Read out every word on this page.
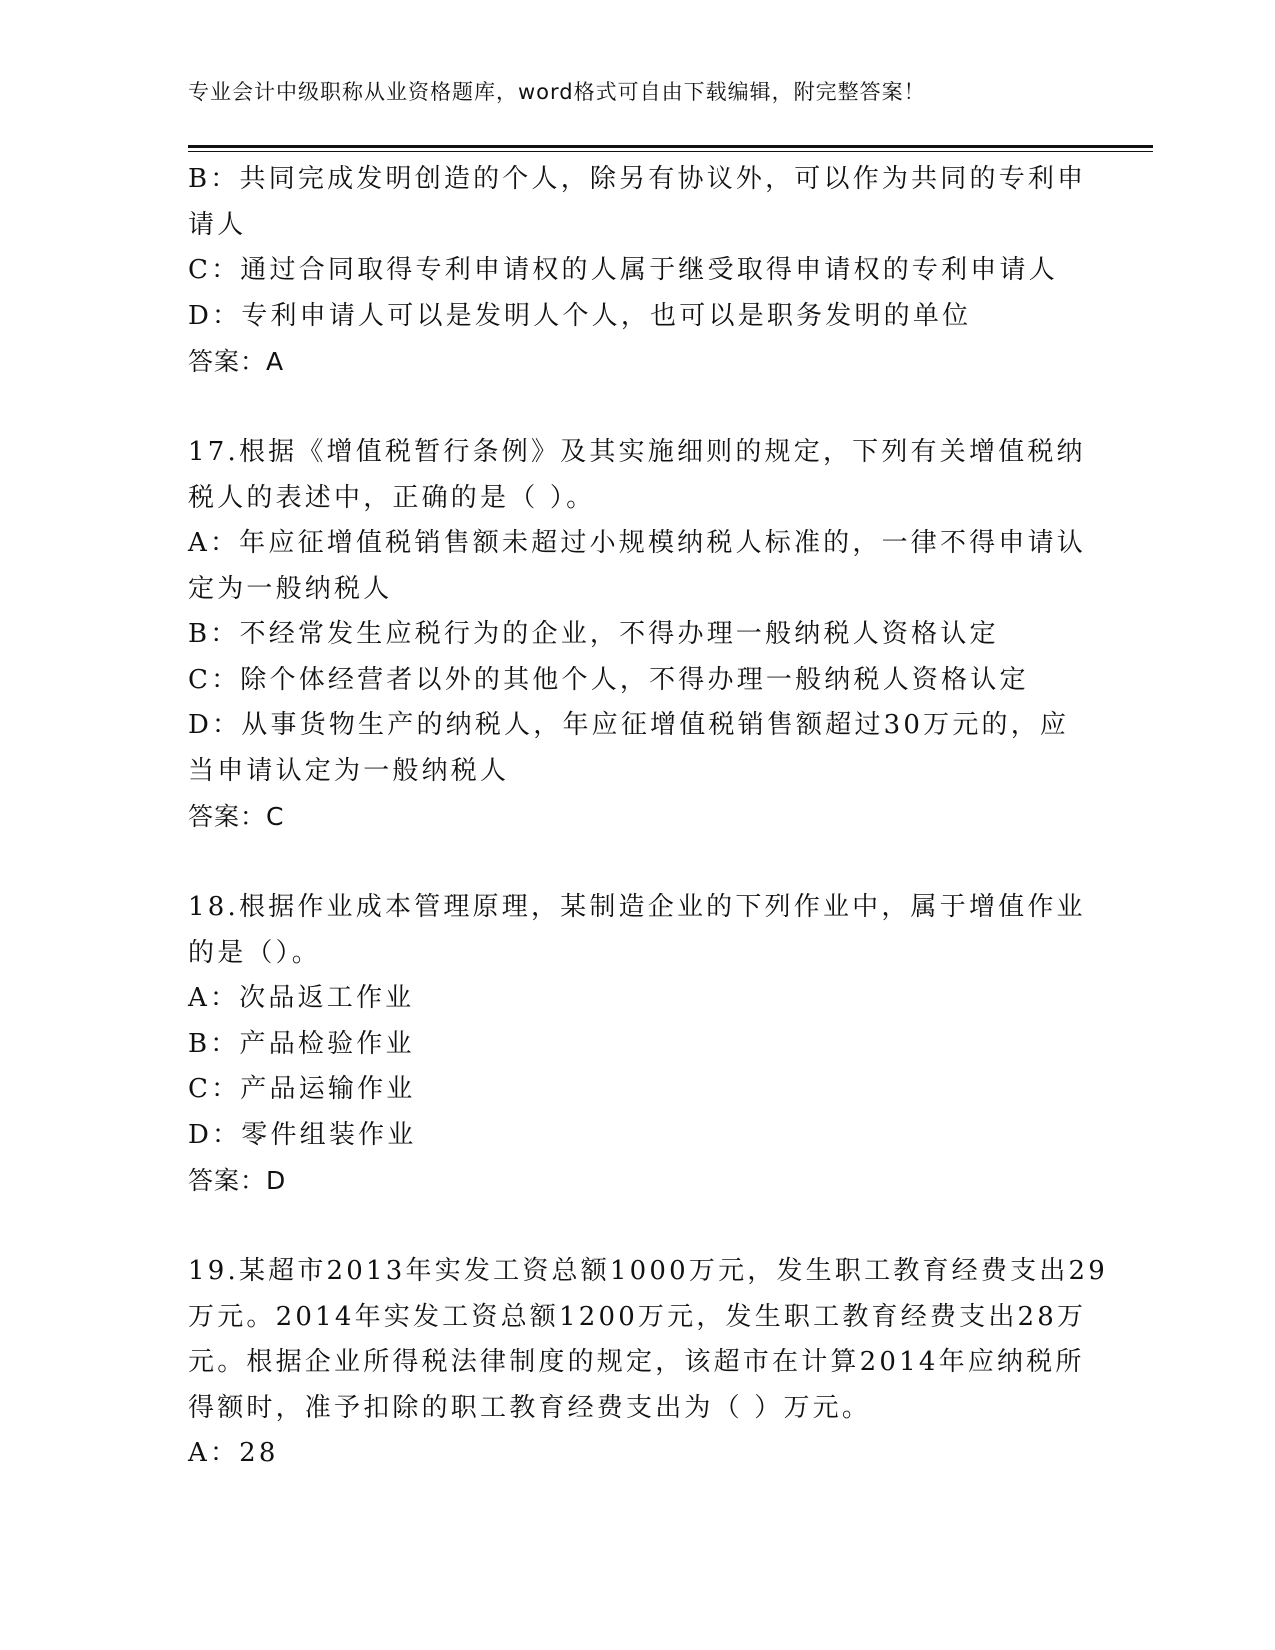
专业会计中级职称从业资格题库，word格式可自由下载编辑，附完整答案！
B：共同完成发明创造的个人，除另有协议外，可以作为共同的专利申
请人
C：通过合同取得专利申请权的人属于继受取得申请权的专利申请人
D：专利申请人可以是发明人个人，也可以是职务发明的单位
答案：A
17.根据《增值税暂行条例》及其实施细则的规定，下列有关增值税纳
税人的表述中，正确的是（ ）。
A：年应征增值税销售额未超过小规模纳税人标准的，一律不得申请认
定为一般纳税人
B：不经常发生应税行为的企业，不得办理一般纳税人资格认定
C：除个体经营者以外的其他个人，不得办理一般纳税人资格认定
D：从事货物生产的纳税人，年应征增值税销售额超过30万元的，应
当申请认定为一般纳税人
答案：C
18.根据作业成本管理原理，某制造企业的下列作业中，属于增值作业
的是（）。
A：次品返工作业
B：产品检验作业
C：产品运输作业
D：零件组装作业
答案：D
19.某超市2013年实发工资总额1000万元，发生职工教育经费支出29
万元。2014年实发工资总额1200万元，发生职工教育经费支出28万
元。根据企业所得税法律制度的规定，该超市在计算2014年应纳税所
得额时，准予扣除的职工教育经费支出为（ ）万元。
A：28
